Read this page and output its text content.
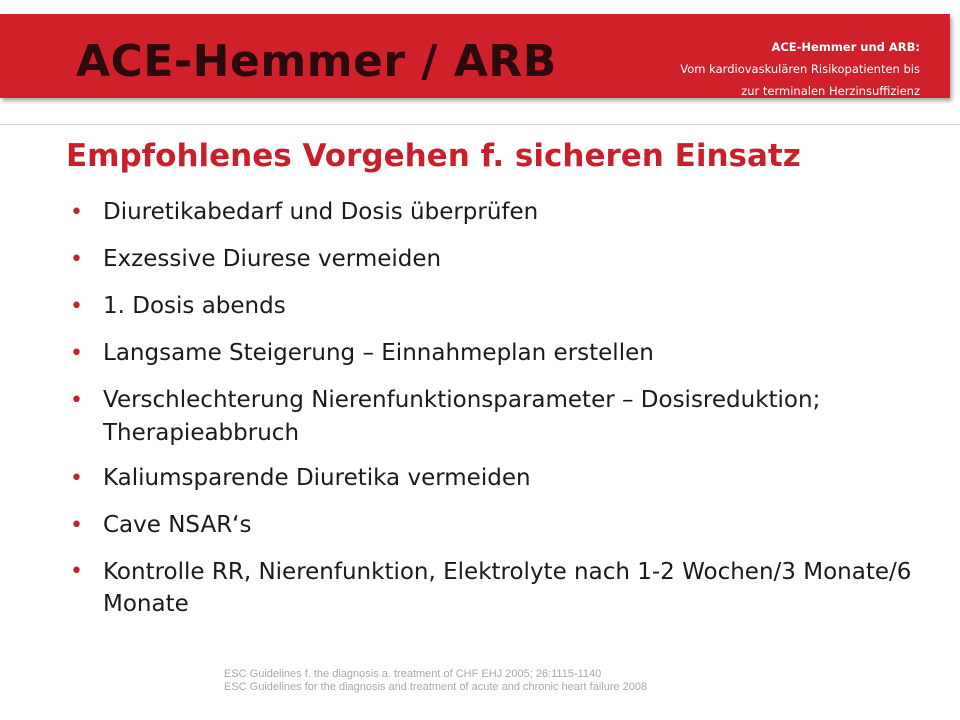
ACE-Hemmer / ARB	ACE-Hemmer und ARB:
Vom kardiovaskulären Risikopatienten bis
zur terminalen Herzinsuffizienz
Empfohlenes Vorgehen f. sicheren Einsatz
• Diuretikabedarf und Dosis überprüfen
• Exzessive Diurese vermeiden
• 1. Dosis abends
• Langsame Steigerung – Einnahmeplan erstellen
• Verschlechterung Nierenfunktionsparameter – Dosisreduktion; Therapieabbruch
• Kaliumsparende Diuretika vermeiden
• Cave NSAR‘s
• Kontrolle RR, Nierenfunktion, Elektrolyte nach 1-2 Wochen/3 Monate/6 Monate
ESC Guidelines f. the diagnosis a. treatment of CHF EHJ 2005; 26:1115-1140
ESC Guidelines for the diagnosis and treatment of acute and chronic heart failure 2008
